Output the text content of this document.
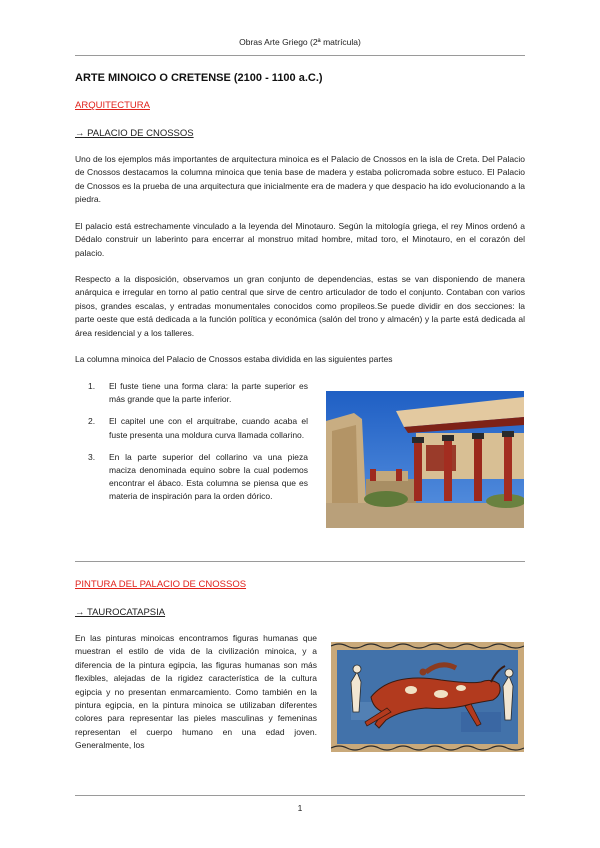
Obras Arte Griego (2ª matrícula)
ARTE MINOICO O CRETENSE (2100 - 1100 a.C.)
ARQUITECTURA
→ PALACIO DE CNOSSOS

Uno de los ejemplos más importantes de arquitectura minoica es el Palacio de Cnossos en la isla de Creta. Del Palacio de Cnossos destacamos la columna minoica que tenia base de madera y estaba policromada sobre estuco. El Palacio de Cnossos es la prueba de una arquitectura que inicialmente era de madera y que despacio ha ido evolucionando a la piedra.

El palacio está estrechamente vinculado a la leyenda del Minotauro. Según la mitología griega, el rey Minos ordenó a Dédalo construir un laberinto para encerrar al monstruo mitad hombre, mitad toro, el Minotauro, en el corazón del palacio.

Respecto a la disposición, observamos un gran conjunto de dependencias, estas se van disponiendo de manera anárquica e irregular en torno al patio central que sirve de centro articulador de todo el conjunto. Contaban con varios pisos, grandes escalas, y entradas monumentales conocidos como propileos.Se puede dividir en dos secciones: la parte oeste que está dedicada a la función política y económica (salón del trono y almacén) y la parte está dedicada al área residencial y a los talleres.

La columna minoica del Palacio de Cnossos estaba dividida en las siguientes partes

1. El fuste tiene una forma clara: la parte superior es más grande que la parte inferior.
2. El capitel une con el arquitrabe, cuando acaba el fuste presenta una moldura curva llamada collarino.
3. En la parte superior del collarino va una pieza maciza denominada equino sobre la cual podemos encontrar el ábaco. Esta columna se piensa que es materia de inspiración para la orden dórico.
PINTURA DEL PALACIO DE CNOSSOS
→ TAUROCATAPSIA

En las pinturas minoicas encontramos figuras humanas que muestran el estilo de vida de la civilización minoica, y a diferencia de la pintura egipcia, las figuras humanas son más flexibles, alejadas de la rigidez característica de la cultura egipcia y no presentan enmarcamiento. Como también en la pintura egipcia, en la pintura minoica se utilizaban diferentes colores para representar las pieles masculinas y femeninas representan el cuerpo humano en una edad joven. Generalmente, los

1
